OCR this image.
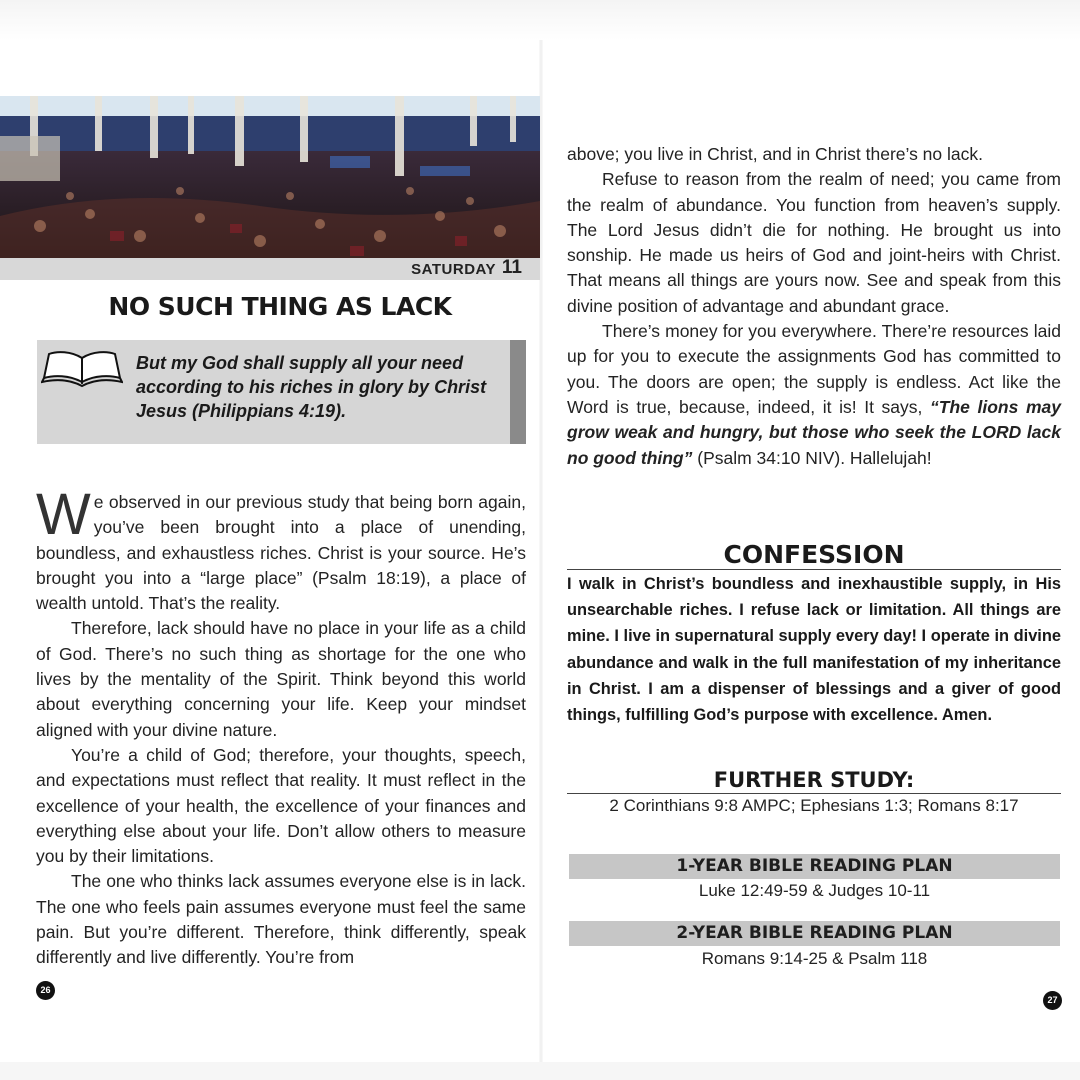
SATURDAY 11
NO SUCH THING AS LACK
But my God shall supply all your need according to his riches in glory by Christ Jesus (Philippians 4:19).

We observed in our previous study that being born again, you’ve been brought into a place of unending, boundless, and exhaustless riches. Christ is your source. He’s brought you into a “large place” (Psalm 18:19), a place of wealth untold. That’s the reality.

Therefore, lack should have no place in your life as a child of God. There’s no such thing as shortage for the one who lives by the mentality of the Spirit. Think beyond this world about everything concerning your life. Keep your mindset aligned with your divine nature.

You’re a child of God; therefore, your thoughts, speech, and expectations must reflect that reality. It must reflect in the excellence of your health, the excellence of your finances and everything else about your life. Don’t allow others to measure you by their limitations.

The one who thinks lack assumes everyone else is in lack. The one who feels pain assumes everyone must feel the same pain. But you’re different. Therefore, think differently, speak differently and live differently. You’re from

26

above; you live in Christ, and in Christ there’s no lack.

Refuse to reason from the realm of need; you came from the realm of abundance. You function from heaven’s supply. The Lord Jesus didn’t die for nothing. He brought us into sonship. He made us heirs of God and joint-heirs with Christ. That means all things are yours now. See and speak from this divine position of advantage and abundant grace.

There’s money for you everywhere. There’re resources laid up for you to execute the assignments God has committed to you. The doors are open; the supply is endless. Act like the Word is true, because, indeed, it is! It says, “The lions may grow weak and hungry, but those who seek the LORD lack no good thing” (Psalm 34:10 NIV). Hallelujah!

CONFESSION
I walk in Christ’s boundless and inexhaustible supply, in His unsearchable riches. I refuse lack or limitation. All things are mine. I live in supernatural supply every day! I operate in divine abundance and walk in the full manifestation of my inheritance in Christ. I am a dispenser of blessings and a giver of good things, fulfilling God’s purpose with excellence. Amen.
FURTHER STUDY:
2 Corinthians 9:8 AMPC; Ephesians 1:3; Romans 8:17
1-YEAR BIBLE READING PLAN
Luke 12:49-59 & Judges 10-11
2-YEAR BIBLE READING PLAN
Romans 9:14-25 & Psalm 118
27
